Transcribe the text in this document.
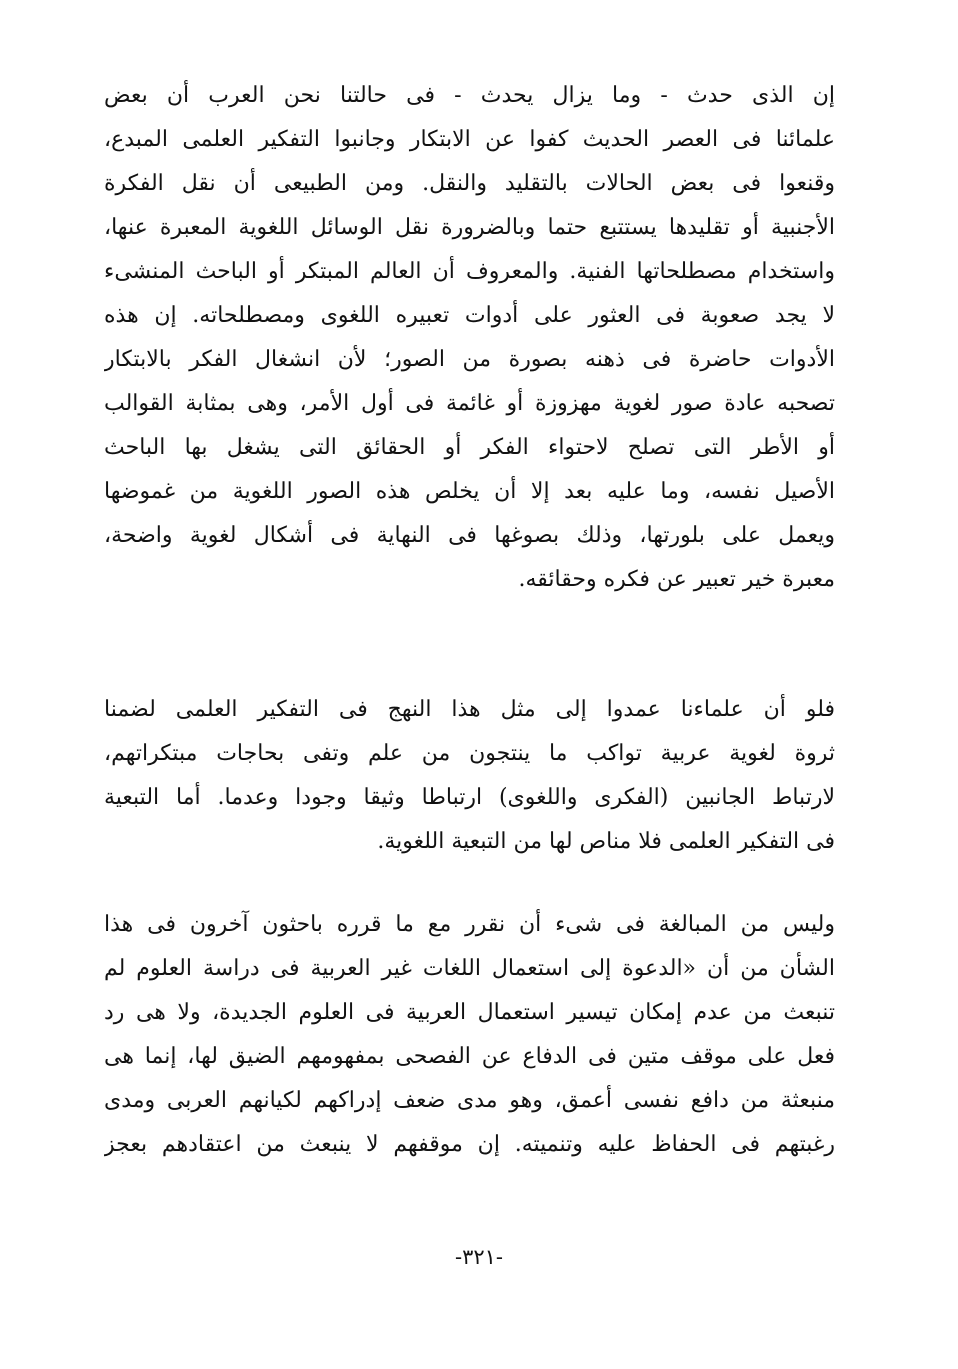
إن الذى حدث - وما يزال يحدث - فى حالتنا نحن العرب أن بعض
علمائنا فى العصر الحديث كفوا عن الابتكار وجانبوا التفكير العلمى المبدع،
وقنعوا فى بعض الحالات بالتقليد والنقل. ومن الطبيعى أن نقل الفكرة
الأجنبية أو تقليدها يستتبع حتما وبالضرورة نقل الوسائل اللغوية المعبرة عنها،
واستخدام مصطلحاتها الفنية. والمعروف أن العالم المبتكر أو الباحث المنشىء
لا يجد صعوبة فى العثور على أدوات تعبيره اللغوى ومصطلحاته. إن هذه
الأدوات حاضرة فى ذهنه بصورة من الصور؛ لأن انشغال الفكر بالابتكار
تصحبه عادة صور لغوية مهزوزة أو غائمة فى أول الأمر، وهى بمثابة القوالب
أو الأطر التى تصلح لاحتواء الفكر أو الحقائق التى يشغل بها الباحث
الأصيل نفسه، وما عليه بعد إلا أن يخلص هذه الصور اللغوية من غموضها
ويعمل على بلورتها، وذلك بصوغها فى النهاية فى أشكال لغوية واضحة،
معبرة خير تعبير عن فكره وحقائقه.
فلو أن علماءنا عمدوا إلى مثل هذا النهج فى التفكير العلمى لضمنا
ثروة لغوية عربية تواكب ما ينتجون من علم وتفى بحاجات مبتكراتهم،
لارتباط الجانبين (الفكرى واللغوى) ارتباطا وثيقا وجودا وعدما. أما التبعية
فى التفكير العلمى فلا مناص لها من التبعية اللغوية.
وليس من المبالغة فى شىء أن نقرر مع ما قرره باحثون آخرون فى هذا
الشأن من أن «الدعوة إلى استعمال اللغات غير العربية فى دراسة العلوم لم
تنبعث من عدم إمكان تيسير استعمال العربية فى العلوم الجديدة، ولا هى رد
فعل على موقف متين فى الدفاع عن الفصحى بمفهومهم الضيق لها، إنما هى
منبعثة من دافع نفسى أعمق، وهو مدى ضعف إدراكهم لكيانهم العربى ومدى
رغبتهم فى الحفاظ عليه وتنميته. إن موقفهم لا ينبعث من اعتقادهم بعجز
-٣٢١-
